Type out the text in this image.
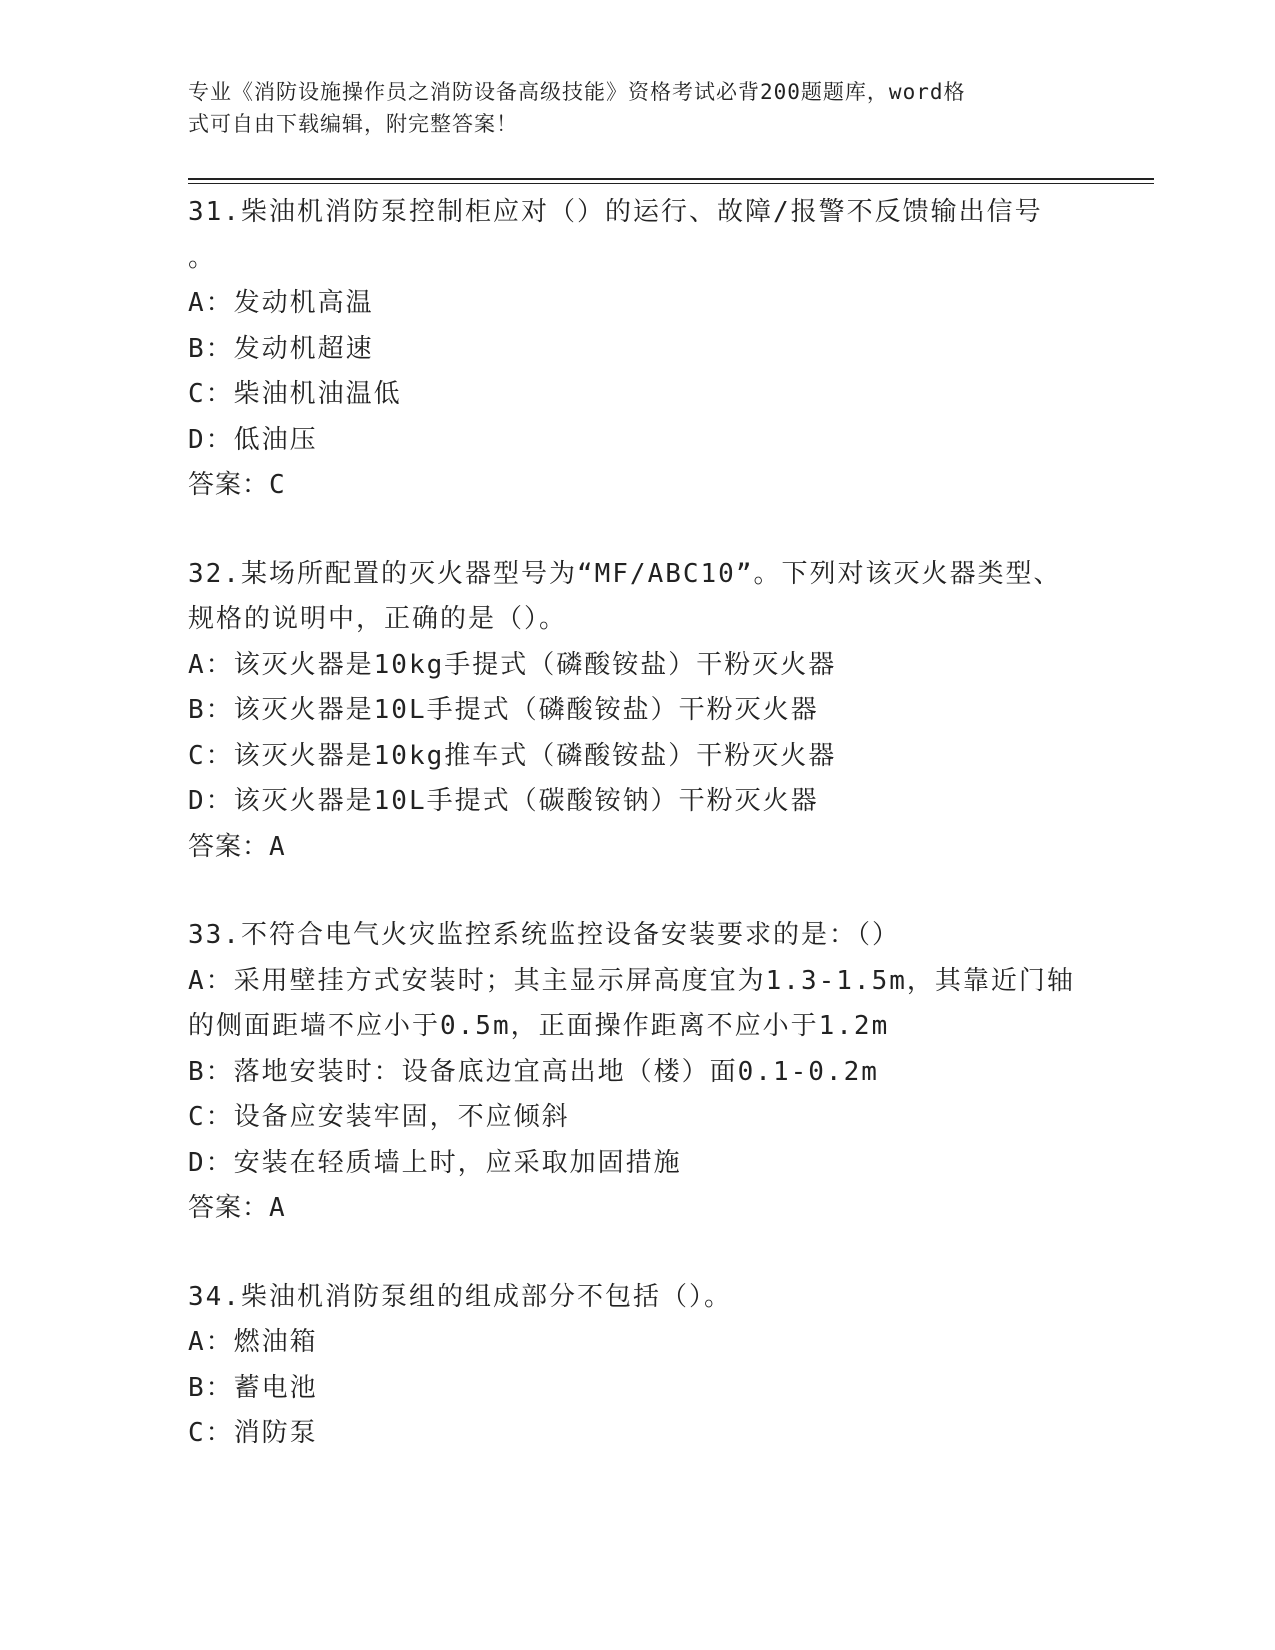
专业《消防设施操作员之消防设备高级技能》资格考试必背200题题库，word格
式可自由下载编辑，附完整答案！
31.柴油机消防泵控制柜应对（）的运行、故障/报警不反馈输出信号
。
A：发动机高温
B：发动机超速
C：柴油机油温低
D：低油压
答案：C
32.某场所配置的灭火器型号为“MF/ABC10”。下列对该灭火器类型、
规格的说明中，正确的是（）。
A：该灭火器是10kg手提式（磷酸铵盐）干粉灭火器
B：该灭火器是10L手提式（磷酸铵盐）干粉灭火器
C：该灭火器是10kg推车式（磷酸铵盐）干粉灭火器
D：该灭火器是10L手提式（碳酸铵钠）干粉灭火器
答案：A
33.不符合电气火灾监控系统监控设备安装要求的是：（）
A：采用壁挂方式安装时；其主显示屏高度宜为1.3-1.5m，其靠近门轴
的侧面距墙不应小于0.5m，正面操作距离不应小于1.2m
B：落地安装时：设备底边宜高出地（楼）面0.1-0.2m
C：设备应安装牢固，不应倾斜
D：安装在轻质墙上时，应采取加固措施
答案：A
34.柴油机消防泵组的组成部分不包括（）。
A：燃油箱
B：蓄电池
C：消防泵
